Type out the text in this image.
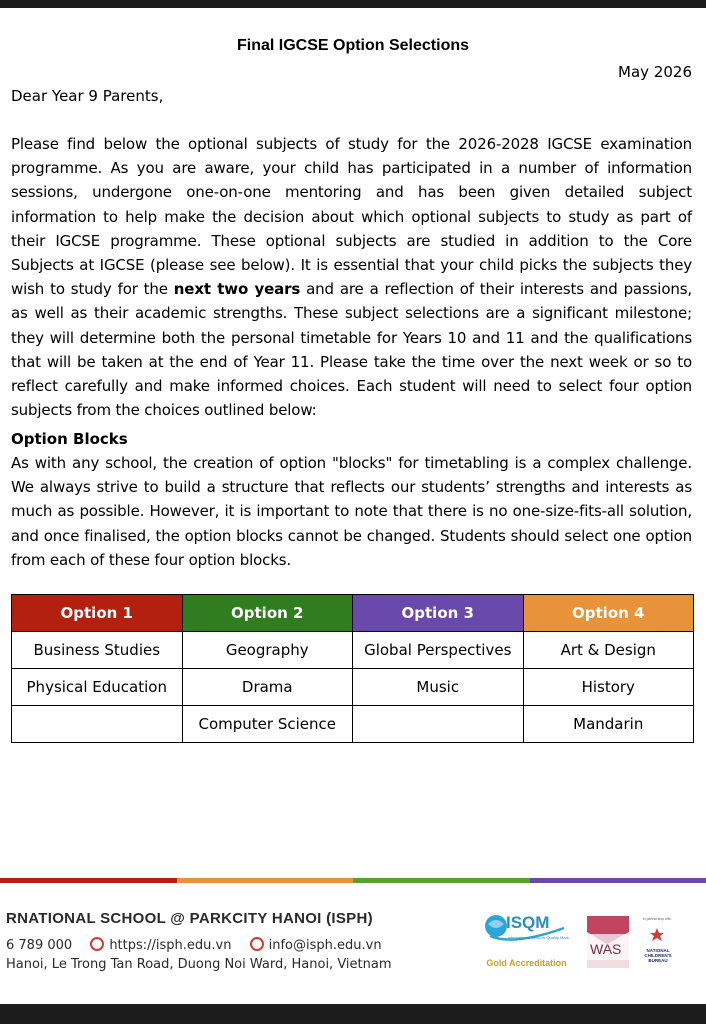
Final IGCSE Option Selections
May 2026
Dear Year 9 Parents,

Please find below the optional subjects of study for the 2026-2028 IGCSE examination programme. As you are aware, your child has participated in a number of information sessions, undergone one-on-one mentoring and has been given detailed subject information to help make the decision about which optional subjects to study as part of their IGCSE programme. These optional subjects are studied in addition to the Core Subjects at IGCSE (please see below). It is essential that your child picks the subjects they wish to study for the next two years and are a reflection of their interests and passions, as well as their academic strengths. These subject selections are a significant milestone; they will determine both the personal timetable for Years 10 and 11 and the qualifications that will be taken at the end of Year 11. Please take the time over the next week or so to reflect carefully and make informed choices. Each student will need to select four option subjects from the choices outlined below:

Option Blocks

As with any school, the creation of option "blocks" for timetabling is a complex challenge. We always strive to build a structure that reflects our students’ strengths and interests as much as possible. However, it is important to note that there is no one-size-fits-all solution, and once finalised, the option blocks cannot be changed. Students should select one option from each of these four option blocks.

Option 1	Option 2	Option 3	Option 4
Business Studies	Geography	Global Perspectives	Art & Design
Physical Education	Drama	Music	History
	Computer Science		Mandarin
RNATIONAL SCHOOL @ PARKCITY HANOI (ISPH)
6 789 000	https://isph.edu.vn	info@isph.edu.vn
Hanoi, Le Trong Tan Road, Duong Noi Ward, Hanoi, Vietnam
ISQM
International Schools Quality Mark
Gold Accreditation
WAS
In partnership with
NATIONAL CHILDREN'S BUREAU
